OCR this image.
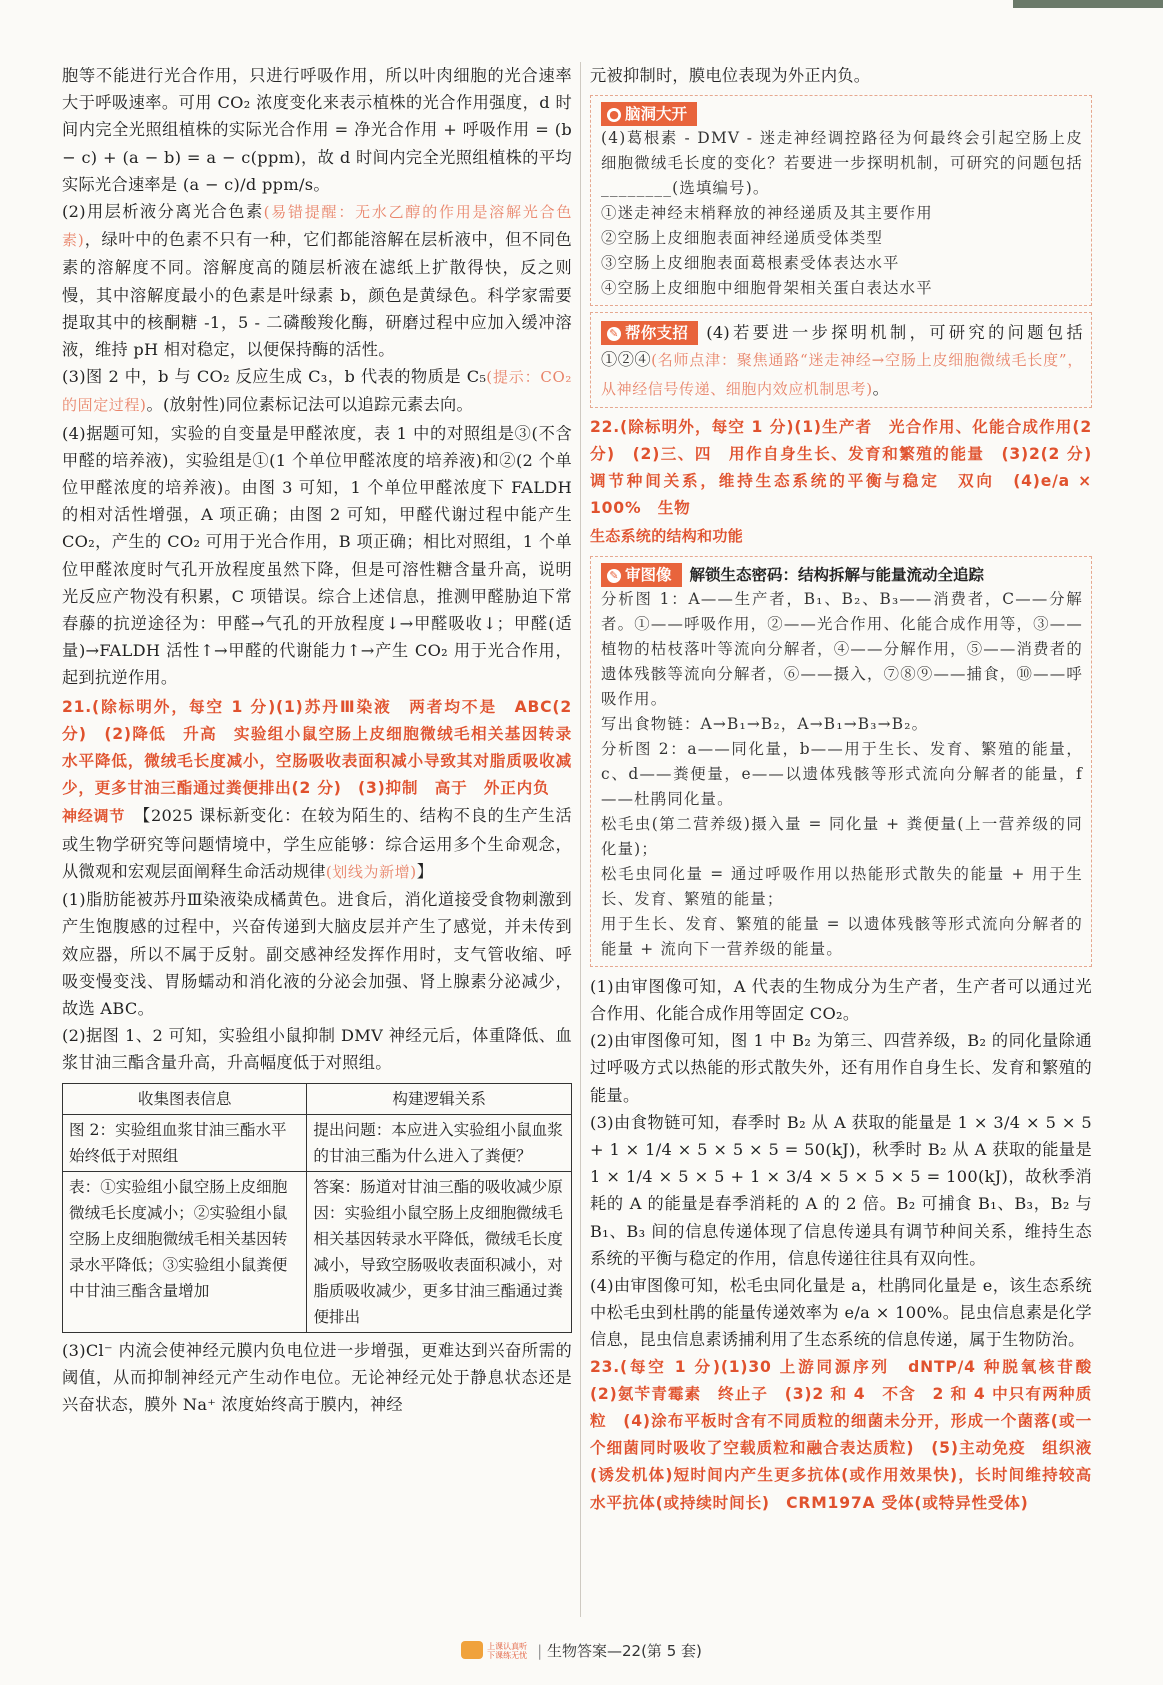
胞等不能进行光合作用，只进行呼吸作用，所以叶肉细胞的光合速率大于呼吸速率。可用 CO₂ 浓度变化来表示植株的光合作用强度，d 时间内完全光照组植株的实际光合作用 = 净光合作用 + 呼吸作用 = (b − c) + (a − b) = a − c(ppm)，故 d 时间内完全光照组植株的平均实际光合速率是 (a − c)/d ppm/s。

(2)用层析液分离光合色素(易错提醒：无水乙醇的作用是溶解光合色素)，绿叶中的色素不只有一种，它们都能溶解在层析液中，但不同色素的溶解度不同。溶解度高的随层析液在滤纸上扩散得快，反之则慢，其中溶解度最小的色素是叶绿素 b，颜色是黄绿色。科学家需要提取其中的核酮糖 -1，5 - 二磷酸羧化酶，研磨过程中应加入缓冲溶液，维持 pH 相对稳定，以便保持酶的活性。

(3)图 2 中，b 与 CO₂ 反应生成 C₃，b 代表的物质是 C₅(提示：CO₂ 的固定过程)。(放射性)同位素标记法可以追踪元素去向。

(4)据题可知，实验的自变量是甲醛浓度，表 1 中的对照组是③(不含甲醛的培养液)，实验组是①(1 个单位甲醛浓度的培养液)和②(2 个单位甲醛浓度的培养液)。由图 3 可知，1 个单位甲醛浓度下 FALDH 的相对活性增强，A 项正确；由图 2 可知，甲醛代谢过程中能产生 CO₂，产生的 CO₂ 可用于光合作用，B 项正确；相比对照组，1 个单位甲醛浓度时气孔开放程度虽然下降，但是可溶性糖含量升高，说明光反应产物没有积累，C 项错误。综合上述信息，推测甲醛胁迫下常春藤的抗逆途径为：甲醛→气孔的开放程度↓→甲醛吸收↓；甲醛(适量)→FALDH 活性↑→甲醛的代谢能力↑→产生 CO₂ 用于光合作用，起到抗逆作用。

21.(除标明外，每空 1 分)(1)苏丹Ⅲ染液　两者均不是　ABC(2 分)　(2)降低　升高　实验组小鼠空肠上皮细胞微绒毛相关基因转录水平降低，微绒毛长度减小，空肠吸收表面积减小导致其对脂质吸收减少，更多甘油三酯通过粪便排出(2 分)　(3)抑制　高于　外正内负

神经调节　 【2025 课标新变化：在较为陌生的、结构不良的生产生活或生物学研究等问题情境中，学生应能够：综合运用多个生命观念，从微观和宏观层面阐释生命活动规律(划线为新增)】

(1)脂肪能被苏丹Ⅲ染液染成橘黄色。进食后，消化道接受食物刺激到产生饱腹感的过程中，兴奋传递到大脑皮层并产生了感觉，并未传到效应器，所以不属于反射。副交感神经发挥作用时，支气管收缩、呼吸变慢变浅、胃肠蠕动和消化液的分泌会加强、肾上腺素分泌减少，故选 ABC。

(2)据图 1、2 可知，实验组小鼠抑制 DMV 神经元后，体重降低、血浆甘油三酯含量升高，升高幅度低于对照组。

收集图表信息	构建逻辑关系
图 2：实验组血浆甘油三酯水平始终低于对照组	提出问题：本应进入实验组小鼠血浆的甘油三酯为什么进入了粪便？
表：①实验组小鼠空肠上皮细胞微绒毛长度减小；②实验组小鼠空肠上皮细胞微绒毛相关基因转录水平降低；③实验组小鼠粪便中甘油三酯含量增加	答案：肠道对甘油三酯的吸收减少原因：实验组小鼠空肠上皮细胞微绒毛相关基因转录水平降低，微绒毛长度减小，导致空肠吸收表面积减小，对脂质吸收减少，更多甘油三酯通过粪便排出

(3)Cl⁻ 内流会使神经元膜内负电位进一步增强，更难达到兴奋所需的阈值，从而抑制神经元产生动作电位。无论神经元处于静息状态还是兴奋状态，膜外 Na⁺ 浓度始终高于膜内，神经

元被抑制时，膜电位表现为外正内负。

● 脑洞大开

(4)葛根素 - DMV - 迷走神经调控路径为何最终会引起空肠上皮细胞微绒毛长度的变化？若要进一步探明机制，可研究的问题包括________(选填编号)。

①迷走神经末梢释放的神经递质及其主要作用

②空肠上皮细胞表面神经递质受体类型

③空肠上皮细胞表面葛根素受体表达水平

④空肠上皮细胞中细胞骨架相关蛋白表达水平

✎ 帮你支招 (4)若要进一步探明机制，可研究的问题包括①②④(名师点津：聚焦通路“迷走神经→空肠上皮细胞微绒毛长度”，从神经信号传递、细胞内效应机制思考)。

22.(除标明外，每空 1 分)(1)生产者　光合作用、化能合成作用(2 分)　(2)三、四　用作自身生长、发育和繁殖的能量　(3)2(2 分)　调节种间关系，维持生态系统的平衡与稳定　双向　(4)e/a × 100%　生物

生态系统的结构和功能

✎ 审图像 解锁生态密码：结构拆解与能量流动全追踪

分析图 1：A——生产者，B₁、B₂、B₃——消费者，C——分解者。①——呼吸作用，②——光合作用、化能合成作用等，③——植物的枯枝落叶等流向分解者，④——分解作用，⑤——消费者的遗体残骸等流向分解者，⑥——摄入，⑦⑧⑨——捕食，⑩——呼吸作用。

写出食物链：A→B₁→B₂，A→B₁→B₃→B₂。

分析图 2：a——同化量，b——用于生长、发育、繁殖的能量，c、d——粪便量，e——以遗体残骸等形式流向分解者的能量，f——杜鹃同化量。

松毛虫(第二营养级)摄入量 = 同化量 + 粪便量(上一营养级的同化量)；

松毛虫同化量 = 通过呼吸作用以热能形式散失的能量 + 用于生长、发育、繁殖的能量；

用于生长、发育、繁殖的能量 = 以遗体残骸等形式流向分解者的能量 + 流向下一营养级的能量。

(1)由审图像可知，A 代表的生物成分为生产者，生产者可以通过光合作用、化能合成作用等固定 CO₂。

(2)由审图像可知，图 1 中 B₂ 为第三、四营养级，B₂ 的同化量除通过呼吸方式以热能的形式散失外，还有用作自身生长、发育和繁殖的能量。

(3)由食物链可知，春季时 B₂ 从 A 获取的能量是 1 × 3/4 × 5 × 5 + 1 × 1/4 × 5 × 5 × 5 = 50(kJ)，秋季时 B₂ 从 A 获取的能量是 1 × 1/4 × 5 × 5 + 1 × 3/4 × 5 × 5 × 5 = 100(kJ)，故秋季消耗的 A 的能量是春季消耗的 A 的 2 倍。B₂ 可捕食 B₁、B₃，B₂ 与 B₁、B₃ 间的信息传递体现了信息传递具有调节种间关系，维持生态系统的平衡与稳定的作用，信息传递往往具有双向性。

(4)由审图像可知，松毛虫同化量是 a，杜鹃同化量是 e，该生态系统中松毛虫到杜鹃的能量传递效率为 e/a × 100%。昆虫信息素是化学信息，昆虫信息素诱捕利用了生态系统的信息传递，属于生物防治。

23.(每空 1 分)(1)30 上游同源序列　dNTP/4 种脱氧核苷酸　(2)氨苄青霉素　终止子　(3)2 和 4　不含　2 和 4 中只有两种质粒　(4)涂布平板时含有不同质粒的细菌未分开，形成一个菌落(或一个细菌同时吸收了空载质粒和融合表达质粒)　(5)主动免疫　组织液　(诱发机体)短时间内产生更多抗体(或作用效果快)，长时间维持较高水平抗体(或持续时间长)　CRM197A 受体(或特异性受体)

上课认真听
下课练无忧 | 生物答案—22(第 5 套)
